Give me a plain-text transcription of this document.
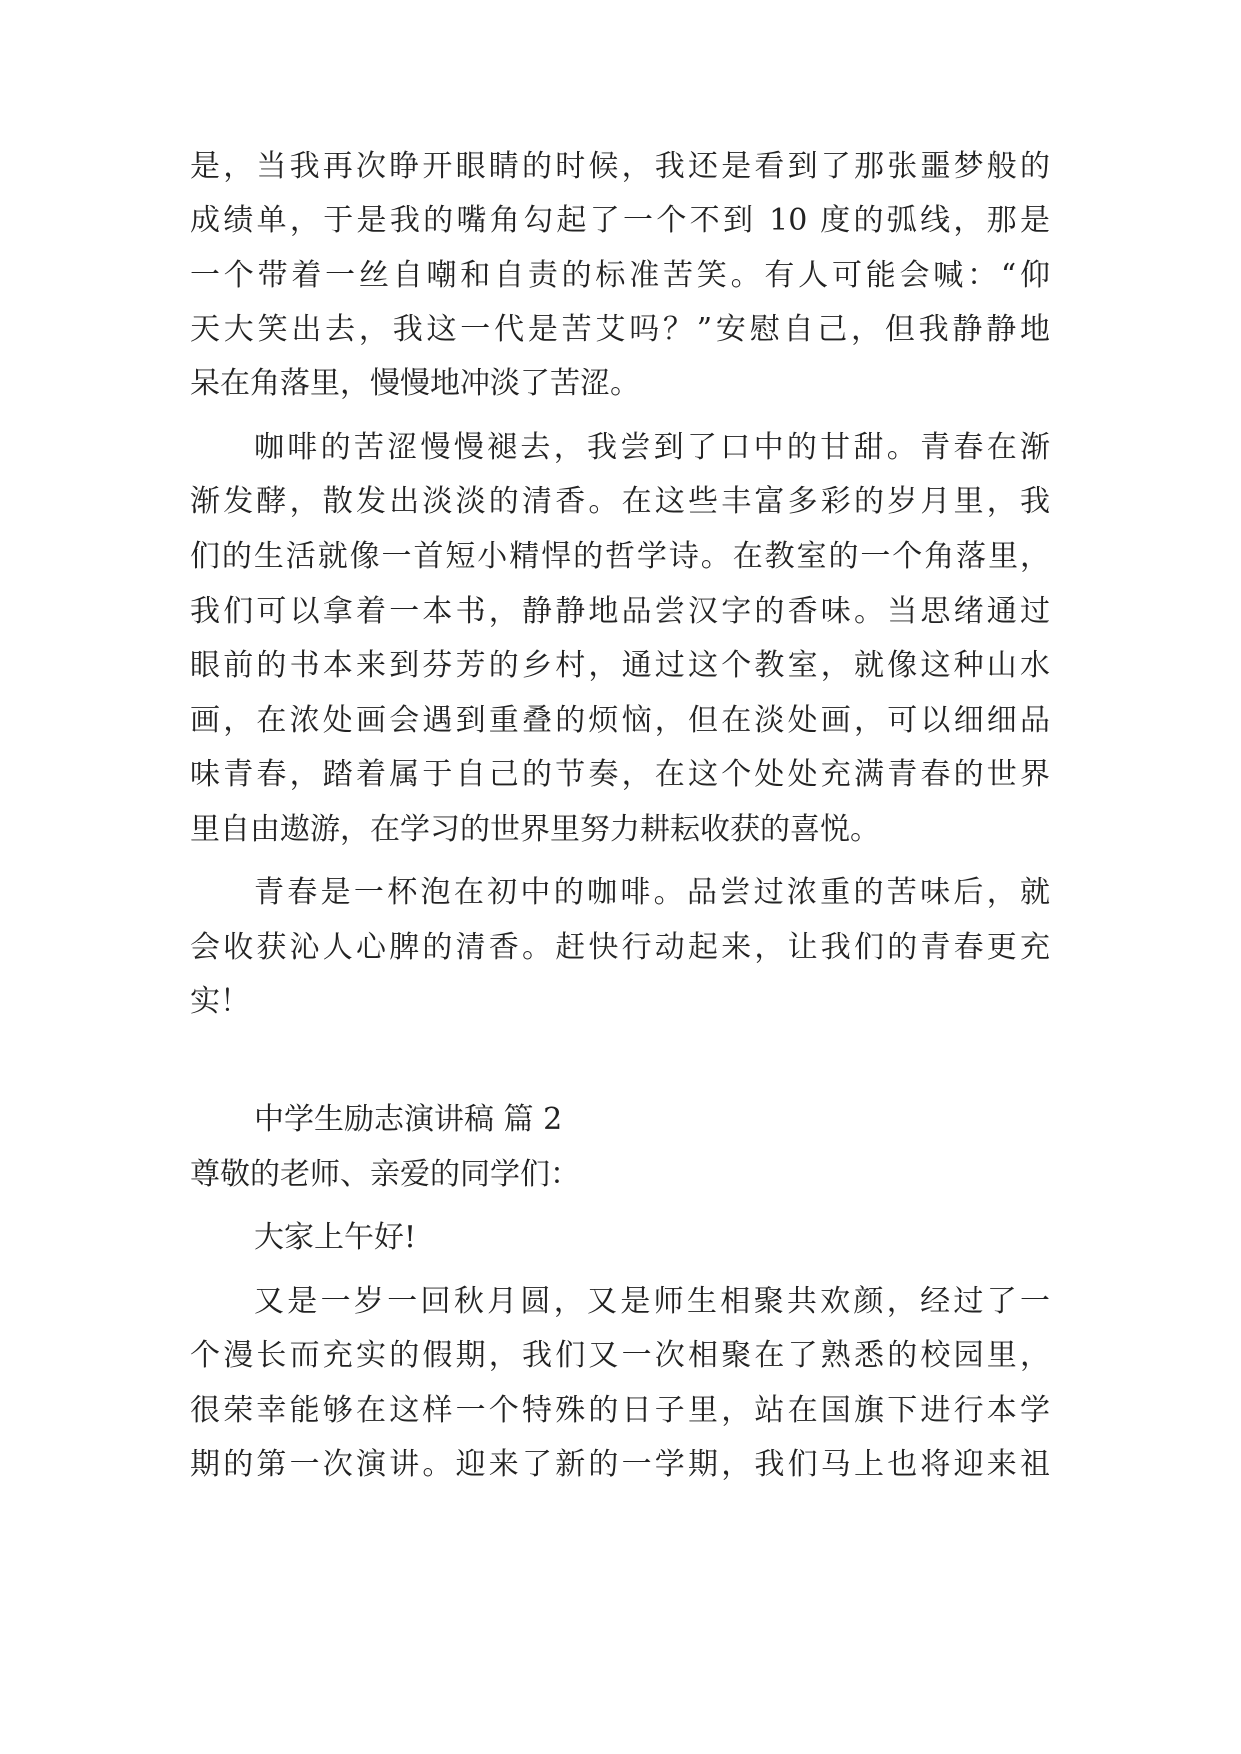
是，当我再次睁开眼睛的时候，我还是看到了那张噩梦般的

成绩单，于是我的嘴角勾起了一个不到 10 度的弧线，那是

一个带着一丝自嘲和自责的标准苦笑。有人可能会喊：“仰

天大笑出去，我这一代是苦艾吗？”安慰自己，但我静静地

呆在角落里，慢慢地冲淡了苦涩。

咖啡的苦涩慢慢褪去，我尝到了口中的甘甜。青春在渐

渐发酵，散发出淡淡的清香。在这些丰富多彩的岁月里，我

们的生活就像一首短小精悍的哲学诗。在教室的一个角落里，

我们可以拿着一本书，静静地品尝汉字的香味。当思绪通过

眼前的书本来到芬芳的乡村，通过这个教室，就像这种山水

画，在浓处画会遇到重叠的烦恼，但在淡处画，可以细细品

味青春，踏着属于自己的节奏，在这个处处充满青春的世界

里自由遨游，在学习的世界里努力耕耘收获的喜悦。

青春是一杯泡在初中的咖啡。品尝过浓重的苦味后，就

会收获沁人心脾的清香。赶快行动起来，让我们的青春更充

实！

中学生励志演讲稿 篇 2

尊敬的老师、亲爱的同学们：

大家上午好!

又是一岁一回秋月圆，又是师生相聚共欢颜，经过了一

个漫长而充实的假期，我们又一次相聚在了熟悉的校园里，

很荣幸能够在这样一个特殊的日子里，站在国旗下进行本学

期的第一次演讲。迎来了新的一学期，我们马上也将迎来祖
